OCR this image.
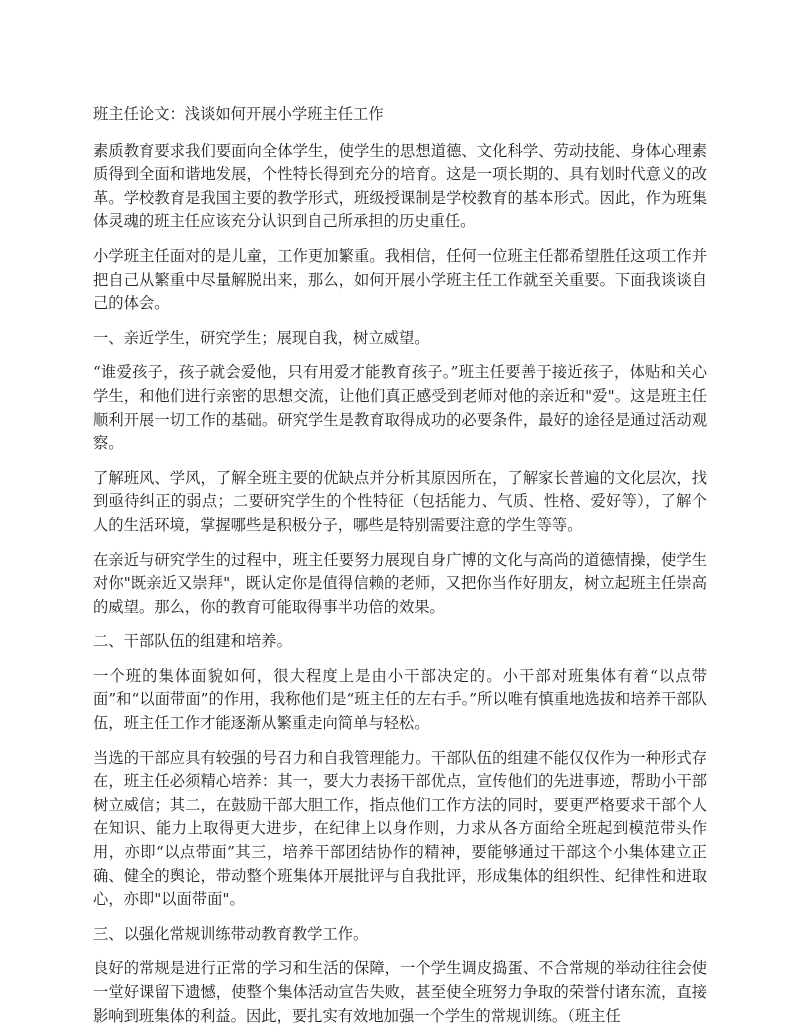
班主任论文：浅谈如何开展小学班主任工作

素质教育要求我们要面向全体学生，使学生的思想道德、文化科学、劳动技能、身体心理素质得到全面和谐地发展，个性特长得到充分的培育。这是一项长期的、具有划时代意义的改革。学校教育是我国主要的教学形式，班级授课制是学校教育的基本形式。因此，作为班集体灵魂的班主任应该充分认识到自己所承担的历史重任。

小学班主任面对的是儿童，工作更加繁重。我相信，任何一位班主任都希望胜任这项工作并把自己从繁重中尽量解脱出来，那么，如何开展小学班主任工作就至关重要。下面我谈谈自己的体会。

一、亲近学生，研究学生；展现自我，树立威望。

“谁爱孩子，孩子就会爱他，只有用爱才能教育孩子。”班主任要善于接近孩子，体贴和关心学生，和他们进行亲密的思想交流，让他们真正感受到老师对他的亲近和"爱"。这是班主任顺利开展一切工作的基础。研究学生是教育取得成功的必要条件，最好的途径是通过活动观察。

了解班风、学风，了解全班主要的优缺点并分析其原因所在，了解家长普遍的文化层次，找到亟待纠正的弱点；二要研究学生的个性特征（包括能力、气质、性格、爱好等），了解个人的生活环境，掌握哪些是积极分子，哪些是特别需要注意的学生等等。

在亲近与研究学生的过程中，班主任要努力展现自身广博的文化与高尚的道德情操，使学生对你"既亲近又崇拜"，既认定你是值得信赖的老师，又把你当作好朋友，树立起班主任崇高的威望。那么，你的教育可能取得事半功倍的效果。

二、干部队伍的组建和培养。

一个班的集体面貌如何，很大程度上是由小干部决定的。小干部对班集体有着“以点带面”和“以面带面”的作用，我称他们是“班主任的左右手。”所以唯有慎重地选拔和培养干部队伍，班主任工作才能逐渐从繁重走向简单与轻松。

当选的干部应具有较强的号召力和自我管理能力。干部队伍的组建不能仅仅作为一种形式存在，班主任必须精心培养：其一，要大力表扬干部优点，宣传他们的先进事迹，帮助小干部树立威信；其二，在鼓励干部大胆工作，指点他们工作方法的同时，要更严格要求干部个人在知识、能力上取得更大进步，在纪律上以身作则，力求从各方面给全班起到模范带头作用，亦即“以点带面”其三，培养干部团结协作的精神，要能够通过干部这个小集体建立正确、健全的舆论，带动整个班集体开展批评与自我批评，形成集体的组织性、纪律性和进取心，亦即"以面带面"。

三、以强化常规训练带动教育教学工作。

良好的常规是进行正常的学习和生活的保障，一个学生调皮捣蛋、不合常规的举动往往会使一堂好课留下遗憾，使整个集体活动宣告失败，甚至使全班努力争取的荣誉付诸东流，直接影响到班集体的利益。因此，要扎实有效地加强一个学生的常规训练。（班主任
